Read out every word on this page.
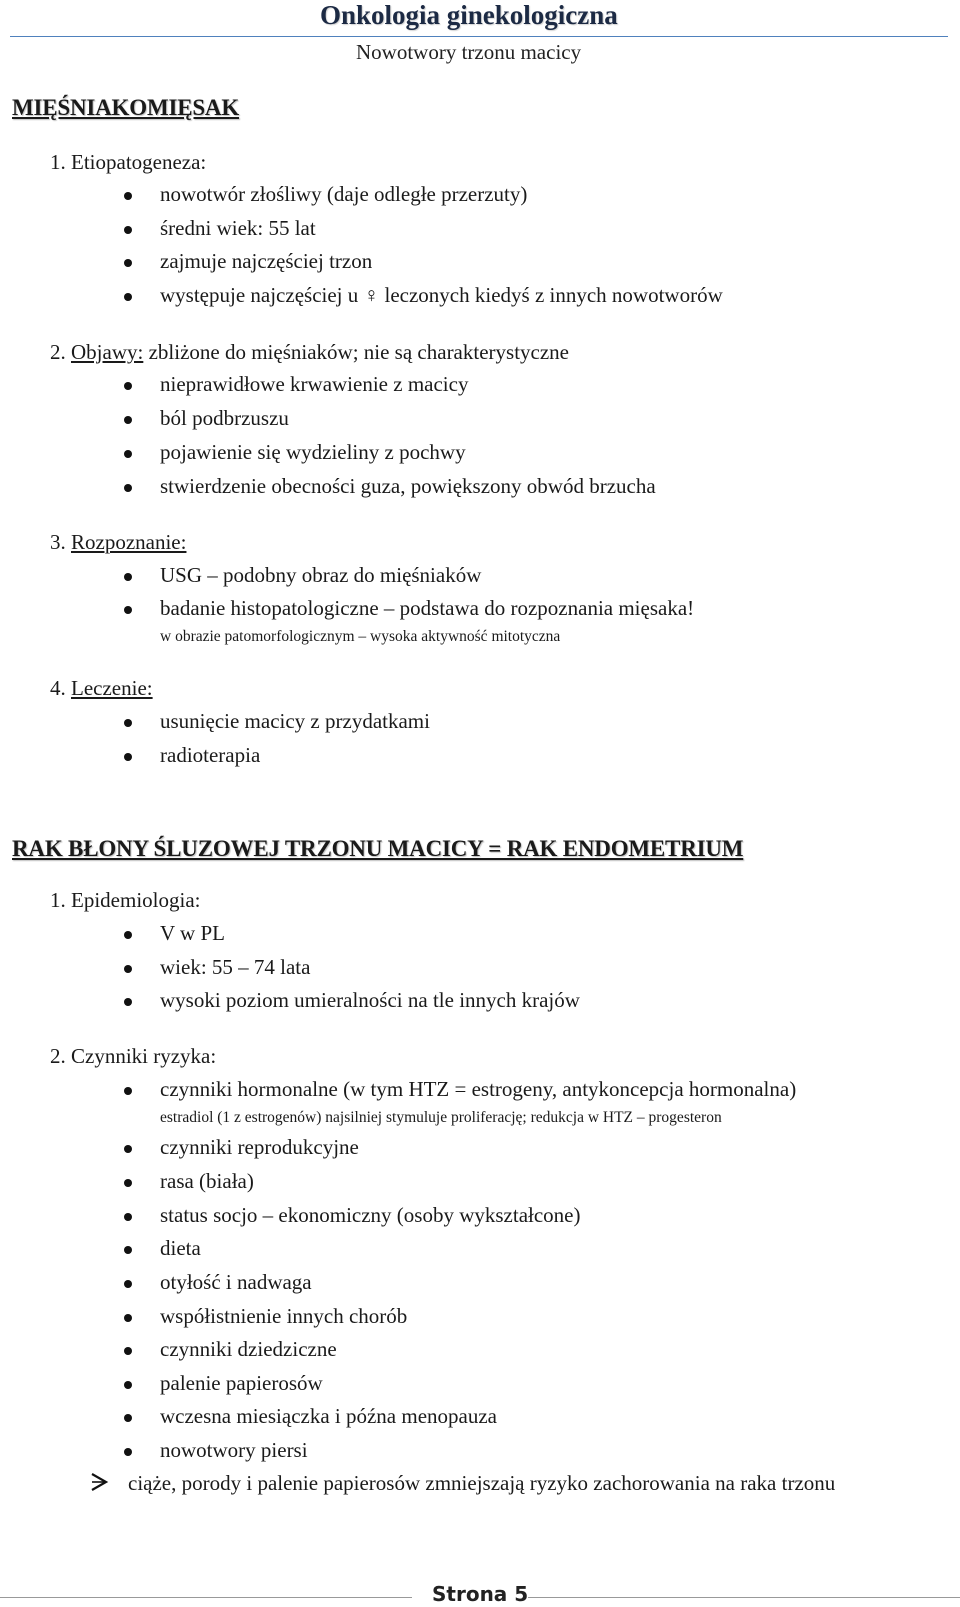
Onkologia ginekologiczna
Nowotwory trzonu macicy
MIĘŚNIAKOMIĘSAK
1. Etiopatogeneza:
nowotwór złośliwy (daje odległe przerzuty)
średni wiek: 55 lat
zajmuje najczęściej trzon
występuje najczęściej u ♀ leczonych kiedyś z innych nowotworów
2. Objawy: zbliżone do mięśniaków; nie są charakterystyczne
nieprawidłowe krwawienie z macicy
ból podbrzuszu
pojawienie się wydzieliny z pochwy
stwierdzenie obecności guza, powiększony obwód brzucha
3. Rozpoznanie:
USG – podobny obraz do mięśniaków
badanie histopatologiczne – podstawa do rozpoznania mięsaka!
w obrazie patomorfologicznym – wysoka aktywność mitotyczna
4. Leczenie:
usunięcie macicy z przydatkami
radioterapia
RAK BŁONY ŚLUZOWEJ TRZONU MACICY = RAK ENDOMETRIUM
1. Epidemiologia:
V w PL
wiek: 55 – 74 lata
wysoki poziom umieralności na tle innych krajów
2. Czynniki ryzyka:
czynniki hormonalne (w tym HTZ = estrogeny, antykoncepcja hormonalna)
estradiol (1 z estrogenów) najsilniej stymuluje proliferację; redukcja w HTZ – progesteron
czynniki reprodukcyjne
rasa (biała)
status socjo – ekonomiczny (osoby wykształcone)
dieta
otyłość i nadwaga
współistnienie innych chorób
czynniki dziedziczne
palenie papierosów
wczesna miesiączka i późna menopauza
nowotwory piersi
ciąże, porody i palenie papierosów zmniejszają ryzyko zachorowania na raka trzonu
Strona 5
